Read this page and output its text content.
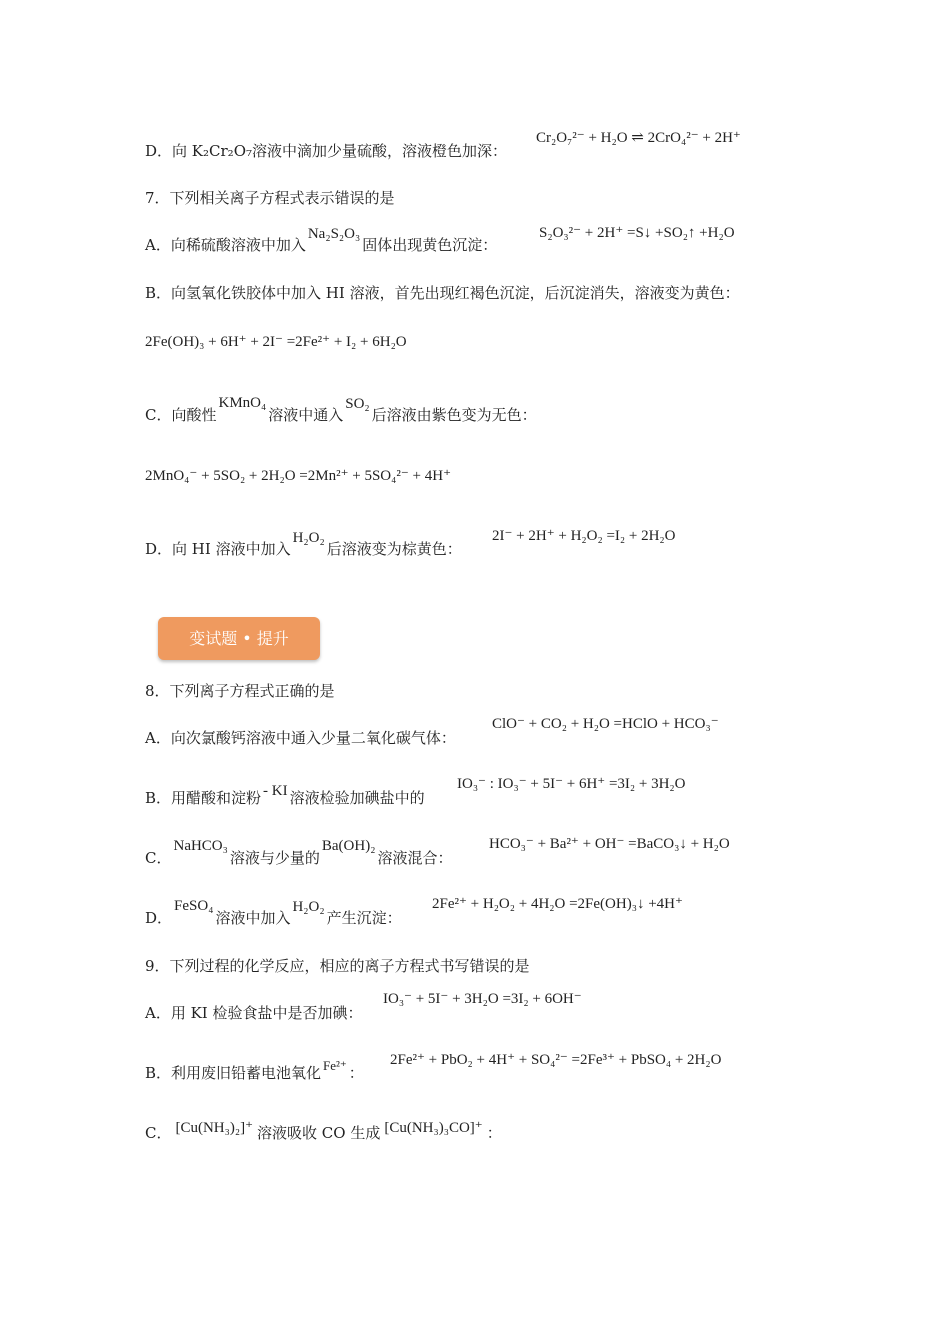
D．向 K₂Cr₂O₇溶液中滴加少量硫酸，溶液橙色加深：
Cr₂O₇²⁻ + H₂O ⇌ 2CrO₄²⁻ + 2H⁺
7．下列相关离子方程式表示错误的是
A．向稀硫酸溶液中加入Na₂S₂O₃固体出现黄色沉淀：
S₂O₃²⁻ + 2H⁺ =S↓ +SO₂↑ +H₂O
B．向氢氧化铁胶体中加入 HI 溶液，首先出现红褐色沉淀，后沉淀消失，溶液变为黄色：
2Fe(OH)₃ + 6H⁺ + 2I⁻ =2Fe²⁺ + I₂ + 6H₂O
C．向酸性KMnO₄溶液中通入SO₂后溶液由紫色变为无色：
2MnO₄⁻ + 5SO₂ + 2H₂O =2Mn²⁺ + 5SO₄²⁻ + 4H⁺
D．向 HI 溶液中加入H₂O₂后溶液变为棕黄色：
2I⁻ + 2H⁺ + H₂O₂ =I₂ + 2H₂O
变试题 • 提升
8．下列离子方程式正确的是
A．向次氯酸钙溶液中通入少量二氧化碳气体：
ClO⁻ + CO₂ + H₂O =HClO + HCO₃⁻
B．用醋酸和淀粉 - KI 溶液检验加碘盐中的
IO₃⁻ : IO₃⁻ + 5I⁻ + 6H⁺ =3I₂ + 3H₂O
C．NaHCO₃溶液与少量的Ba(OH)₂溶液混合：
HCO₃⁻ + Ba²⁺ + OH⁻ =BaCO₃↓ + H₂O
D．FeSO₄溶液中加入H₂O₂产生沉淀：
2Fe²⁺ + H₂O₂ + 4H₂O =2Fe(OH)₃↓ +4H⁺
9．下列过程的化学反应，相应的离子方程式书写错误的是
A．用 KI 检验食盐中是否加碘：
IO₃⁻ + 5I⁻ + 3H₂O =3I₂ + 6OH⁻
B．利用废旧铅蓄电池氧化 Fe²⁺ ：
2Fe²⁺ + PbO₂ + 4H⁺ + SO₄²⁻ =2Fe³⁺ + PbSO₄ + 2H₂O
C． [Cu(NH₃)₂]⁺ 溶液吸收 CO 生成 [Cu(NH₃)₃CO]⁺ ：
